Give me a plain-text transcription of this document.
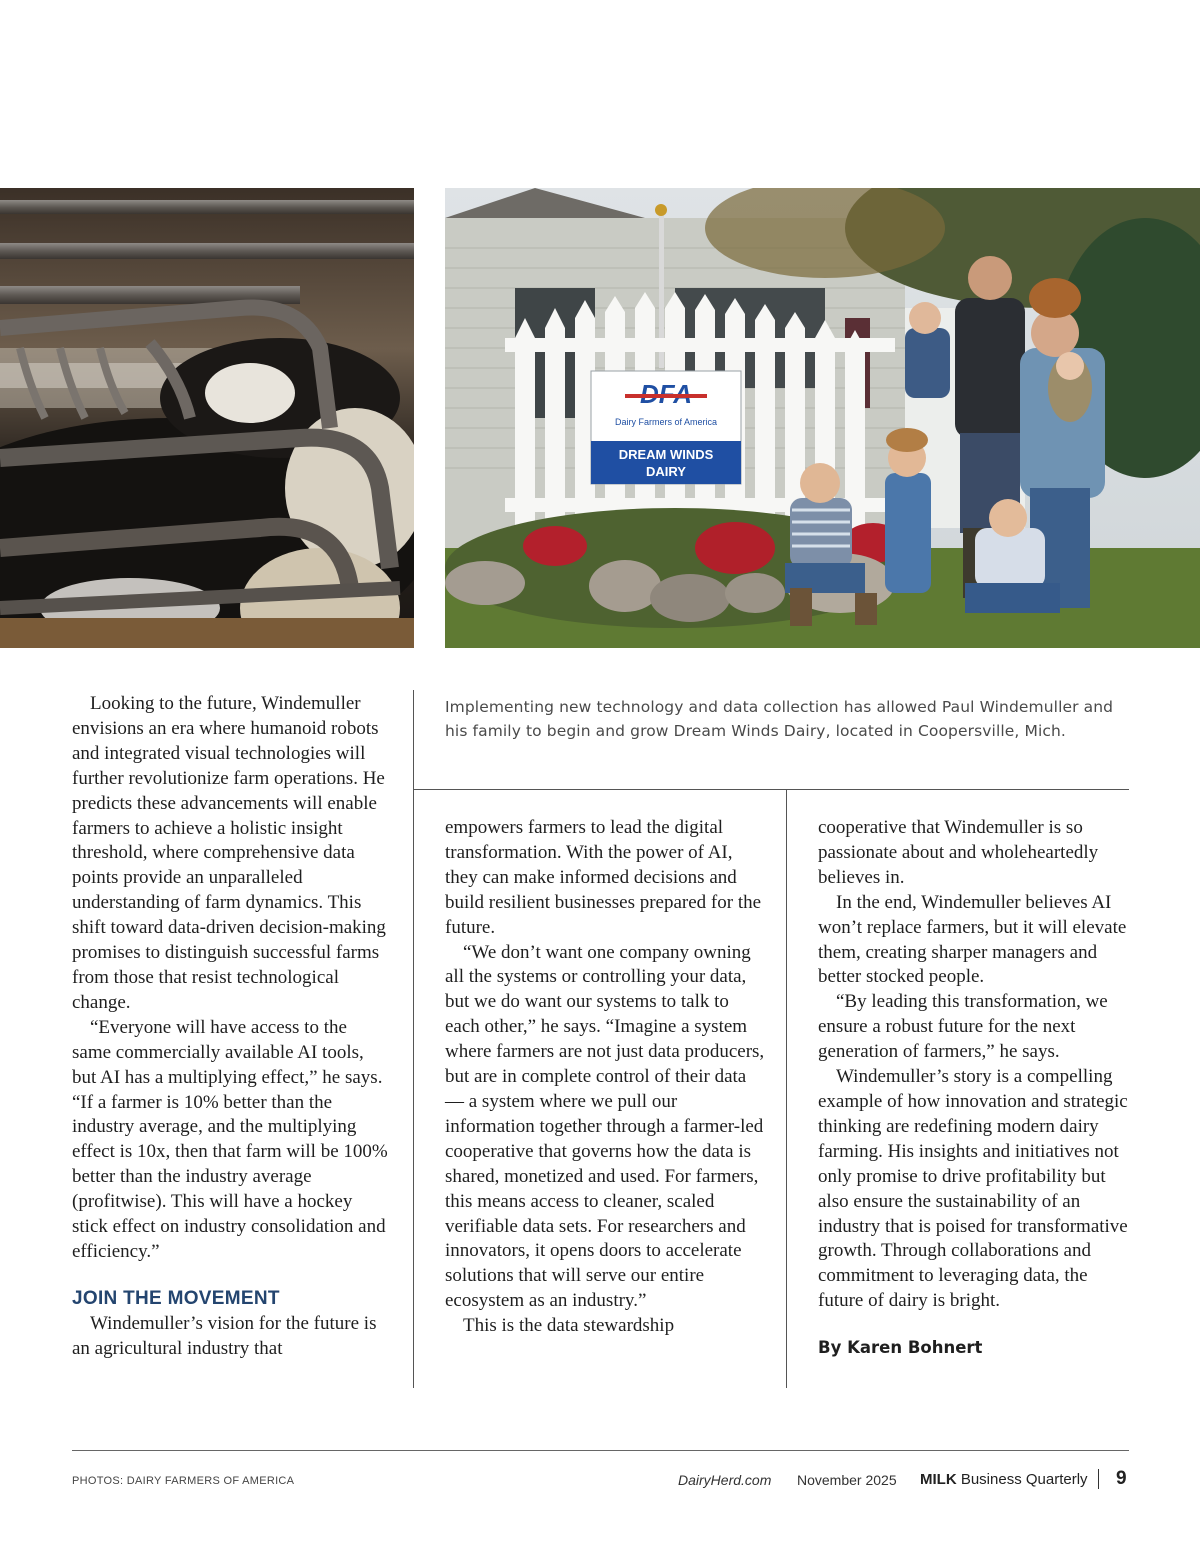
Dairy Farmers of America
DREAM WINDS
DAIRY
Implementing new technology and data collection has allowed Paul Windemuller and his family to begin and grow Dream Winds Dairy, located in Coopersville, Mich.

Looking to the future, Windemuller envisions an era where humanoid robots and integrated visual technologies will further revolutionize farm operations. He predicts these advancements will enable farmers to achieve a holistic insight threshold, where comprehensive data points provide an unparalleled understanding of farm dynamics. This shift toward data-driven decision-making promises to distinguish successful farms from those that resist technological change.

“Everyone will have access to the same commercially available AI tools, but AI has a multiplying effect,” he says. “If a farmer is 10% better than the industry average, and the multiplying effect is 10x, then that farm will be 100% better than the industry average (profitwise). This will have a hockey stick effect on industry consolidation and efficiency.”

JOIN THE MOVEMENT

Windemuller’s vision for the future is an agricultural industry that

empowers farmers to lead the digital transformation. With the power of AI, they can make informed decisions and build resilient businesses prepared for the future.

“We don’t want one company owning all the systems or controlling your data, but we do want our systems to talk to each other,” he says. “Imagine a system where farmers are not just data producers, but are in complete control of their data — a system where we pull our information together through a farmer-led cooperative that governs how the data is shared, monetized and used. For farmers, this means access to cleaner, scaled verifiable data sets. For researchers and innovators, it opens doors to accelerate solutions that will serve our entire ecosystem as an industry.”

This is the data stewardship

cooperative that Windemuller is so passionate about and wholeheartedly believes in.

In the end, Windemuller believes AI won’t replace farmers, but it will elevate them, creating sharper managers and better stocked people.

“By leading this transformation, we ensure a robust future for the next generation of farmers,” he says.

Windemuller’s story is a compelling example of how innovation and strategic thinking are redefining modern dairy farming. His insights and initiatives not only promise to drive profitability but also ensure the sustainability of an industry that is poised for transformative growth. Through collaborations and commitment to leveraging data, the future of dairy is bright.

By Karen Bohnert

PHOTOS: DAIRY FARMERS OF AMERICA	DairyHerd.com November 2025 MILK Business Quarterly 9
